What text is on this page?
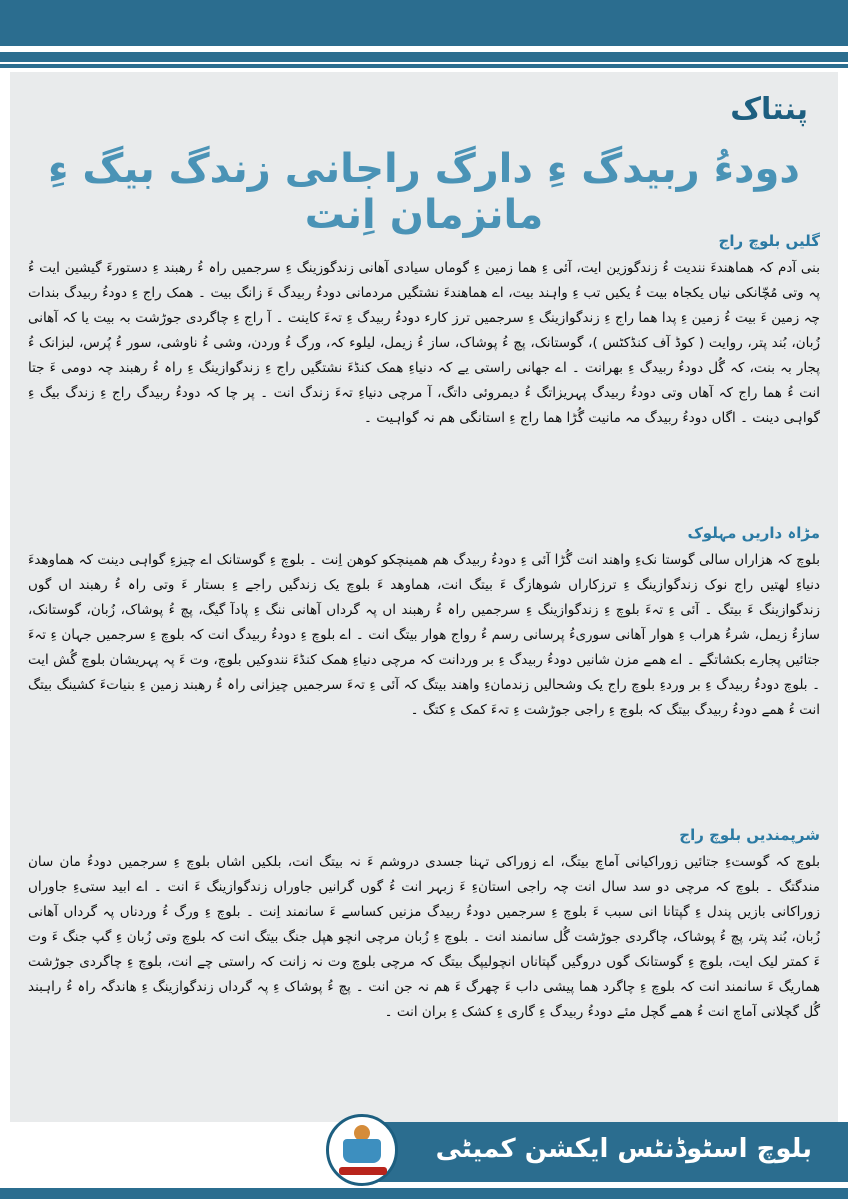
پنتاک
دودءُ ربیدگ ءِ دارگ راجانی زندگ بیگ ءِ مانزمان اِنت
گلیں بلوچ راج
بنی آدم کہ ھماھندءَ نندیت ءُ زندگوزین ایت، آئی ءِ ھما زمین ءِ گوماں سیادی آھانی زندگوزینگ ءِ سرجمیں راہ ءُ رھبند ءِ دستورءَ گیشین ایت ءُ پہ وتی مُچّانکی نیاں یکجاہ بیت ءُ یکیں تب ءِ واہند بیت، اے ھماھندءَ نشتگیں مردمانی دودءُ ربیدگ ءَ زانگ بیت ۔ ھمک راج ءِ دودءُ ربیدگ بندات چہ زمین ءَ بیت ءُ زمین ءِ پدا ھما راج ءِ زندگوازینگ ءِ سرجمیں ترز کارء دودءُ ربیدگ ءِ تہءَ کاینت ۔ آ راج ءِ چاگردی جوڑشت بہ بیت یا کہ آھانی زُبان، بُند پتر، روایت ( کوڈ آف کنڈکٹس )، گوستانک، پچ ءُ پوشاک، ساز ءُ زیمل، لیلوء کہ، ورگ ءُ وردن، وشی ءُ ناوشی، سور ءُ پُرس، لبزانک ءُ پجار بہ بنت، کہ گُل دودءُ ربیدگ ءِ بھرانت ۔ اے جھانی راستی یے کہ دنیاءِ ھمک کنڈءَ نشتگیں راج ءِ زندگوازینگ ءِ راہ ءُ رھبند چہ دومی ءَ جتا انت ءُ ھما راج کہ آھاں وتی دودءُ ربیدگ پہریزاتگ ءُ دیمروئی داتگ، آ مرچی دنیاءِ تہءَ زندگ انت ۔ پر چا کہ دودءُ ربیدگ راج ءِ زندگ بیگ ءِ گواہی دینت ۔ اگاں دودءُ ربیدگ مہ مانیت گُڑا ھما راج ءِ استانگی ھم نہ گواہیت ۔
مڑاہ داریں مہلوک
بلوچ کہ ھزاراں سالی گوستا نکءِ واھند انت گُڑا آئی ءِ دودءُ ربیدگ ھم ھمینچکو کوھن اِنت ۔ بلوچ ءِ گوستانک اے چیزءِ گواہی دینت کہ ھماوھدءَ دنیاءِ لھتیں راج نوک زندگوازینگ ءِ ترزکاراں شوھازگ ءَ بیتگ انت، ھماوھد ءَ بلوچ یک زندگیں راجے ءِ بستار ءَ وتی راہ ءُ رھبند اں گوں زندگوازینگ ءَ بیتگ ۔ آئی ءِ تہءَ بلوچ ءِ زندگوازینگ ءِ سرجمیں راہ ءُ رھبند اں پہ گرداں آھانی ننگ ءِ پادآ گیگ، پچ ءُ پوشاک، زُبان، گوستانک، سازءُ زیمل، شرءُ ھراب ءِ ھوار آھانی سوریءُ پرسانی رسم ءُ رواج ھوار بیتگ انت ۔ اے بلوچ ءِ دودءُ ربیدگ انت کہ بلوچ ءِ سرجمیں جہان ءِ تہءَ جتائیں پجارے بکشاتگے ۔ اے ھمے مزن شانیں دودءُ ربیدگ ءِ بر وردانت کہ مرچی دنیاءِ ھمک کنڈءَ نندوکیں بلوچ، وت ءَ پہ پہریشان بلوچ گُش ایت ۔ بلوچ دودءُ ربیدگ ءِ بر وردءِ بلوچ راج یک وشحالیں زندمانءِ واھند بیتگ کہ آئی ءِ تہءَ سرجمیں چیزانی راہ ءُ رھبند زمین ءِ بنیاتءَ کشینگ بیتگ انت ءُ ھمے دودءُ ربیدگ بیتگ کہ بلوچ ءِ راجی جوڑشت ءِ تہءَ کمک ءِ کتگ ۔
شرپمندیں بلوچ راج
بلوچ کہ گوستءِ جتائیں زوراکیانی آماچ بیتگ، اے زوراکی تہنا جسدی دروشم ءَ نہ بیتگ انت، بلکیں اشاں بلوچ ءِ سرجمیں دودءُ مان سان مندگتگ ۔ بلوچ کہ مرچی دو سد سال انت چہ راجی استانءِ ءَ زبہر انت ءُ گوں گرانیں جاوراں زندگوازینگ ءَ انت ۔ اے ابید ستیءِ جاوراں زوراکانی بازیں پندل ءِ گپتانا انی سبب ءَ بلوچ ءِ سرجمیں دودءُ ربیدگ مزنیں کساسے ءَ سانمند اِنت ۔ بلوچ ءِ ورگ ءُ وردناں پہ گرداں آھانی زُبان، بُند پتر، پچ ءُ پوشاک، چاگردی جوڑشت گُل سانمند انت ۔ بلوچ ءِ زُبان مرچی انچو ھپل جنگ بیتگ انت کہ بلوچ وتی زُبان ءِ گپ جنگ ءَ وت ءَ کمتر لیک ایت، بلوچ ءِ گوستانک گوں دروگیں گپتاناں انچولیپگ بیتگ کہ مرچی بلوچ وت نہ زانت کہ راستی چے انت، بلوچ ءِ چاگردی جوڑشت ھماریگ ءَ سانمند انت کہ بلوچ ءِ چاگرد ھما پیشی داب ءَ چھرگ ءَ ھم نہ جن انت ۔ پچ ءُ پوشاک ءِ پہ گرداں زندگوازینگ ءِ ھاندگہ راہ ءُ راہبند گُل گچلانی آماچ انت ءُ ھمے گچل مئے دودءُ ربیدگ ءِ گاری ءِ کشک ءِ بران انت ۔
بلوچ اسٹوڈنٹس ایکشن کمیٹی
